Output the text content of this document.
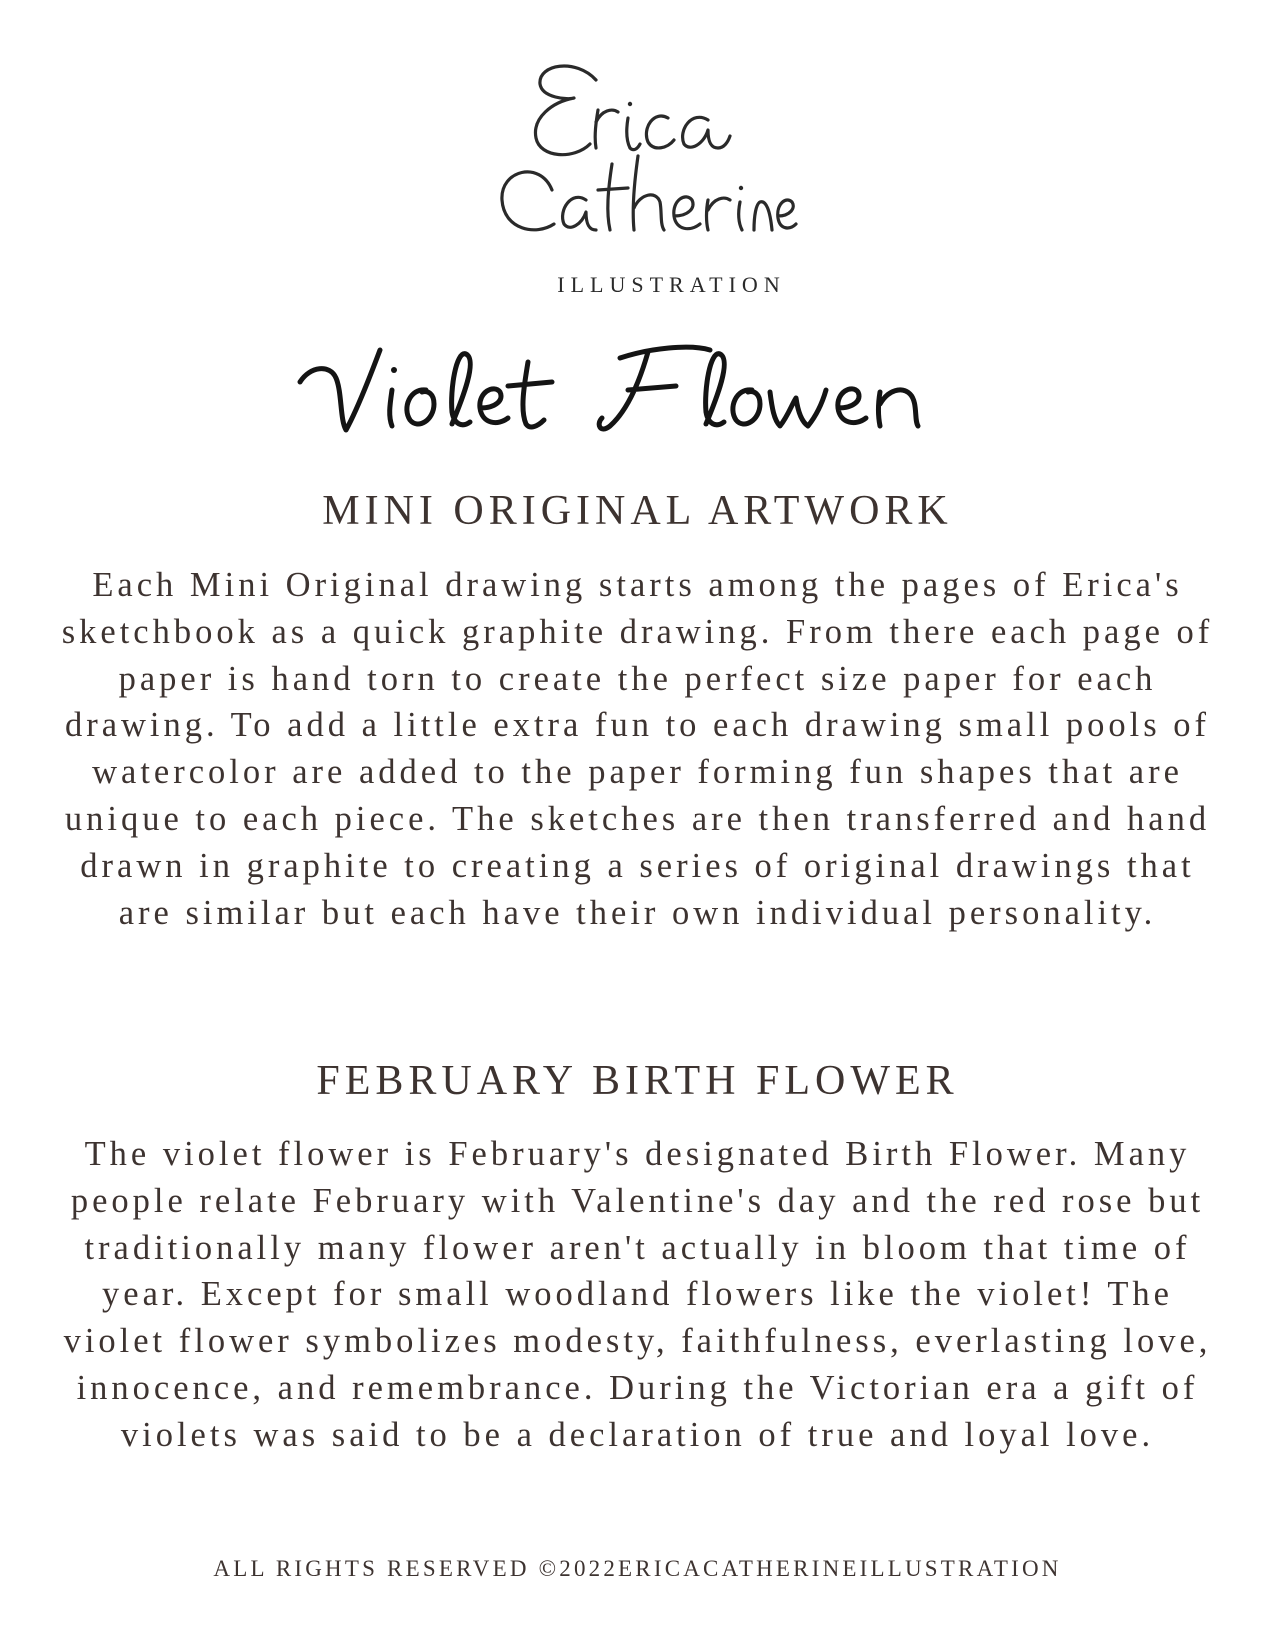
ILLUSTRATION
MINI ORIGINAL ARTWORK

Each Mini Original drawing starts among the pages of Erica's sketchbook as a quick graphite drawing. From there each page of paper is hand torn to create the perfect size paper for each drawing. To add a little extra fun to each drawing small pools of watercolor are added to the paper forming fun shapes that are unique to each piece. The sketches are then transferred and hand drawn in graphite to creating a series of original drawings that are similar but each have their own individual personality.

FEBRUARY BIRTH FLOWER

The violet flower is February's designated Birth Flower. Many people relate February with Valentine's day and the red rose but traditionally many flower aren't actually in bloom that time of year. Except for small woodland flowers like the violet! The violet flower symbolizes modesty, faithfulness, everlasting love, innocence, and remembrance. During the Victorian era a gift of violets was said to be a declaration of true and loyal love.

ALL RIGHTS RESERVED ©2022ERICACATHERINEILLUSTRATION
